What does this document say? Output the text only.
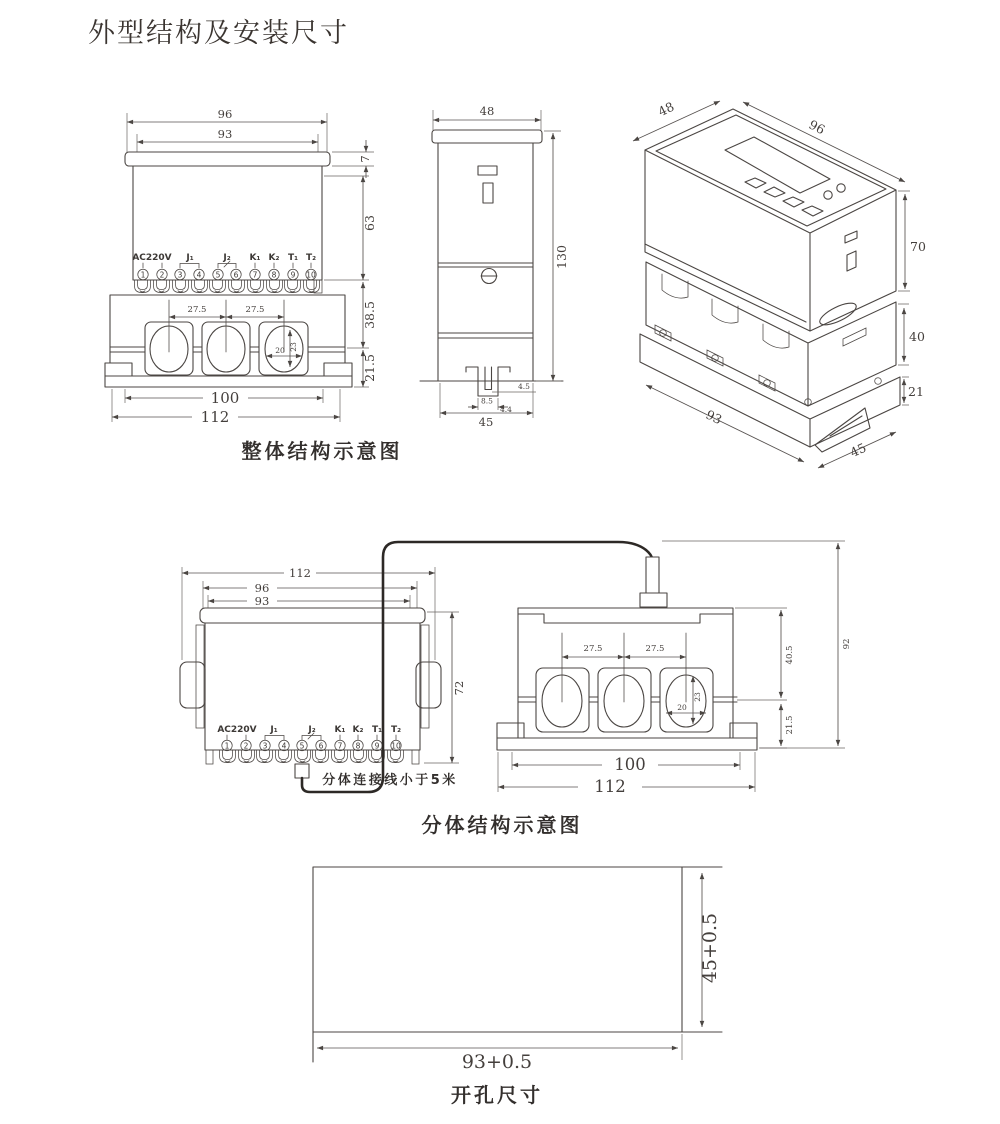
外型结构及安装尺寸
96
93
7
63
38.5
21.5
AC220V J₁	J₂ K₁ K₂ T₁ T₂
1 2 3 4 5 6 7 8 9 10
27.5	27.5
23
20
100
112
48
4.5
8.5
4.4
45
130
48
96
70
40
21
93
45
整体结构示意图
112
96
93
72
AC220V J₁	J₂ K₁ K₂ T₁ T₂
1 2 3 4 5 6 7 8 9 10
分体连接线小于5米
27.5	27.5
23
20
100
112
40.5
21.5
92
分体结构示意图
45+0.5
93+0.5
开孔尺寸
